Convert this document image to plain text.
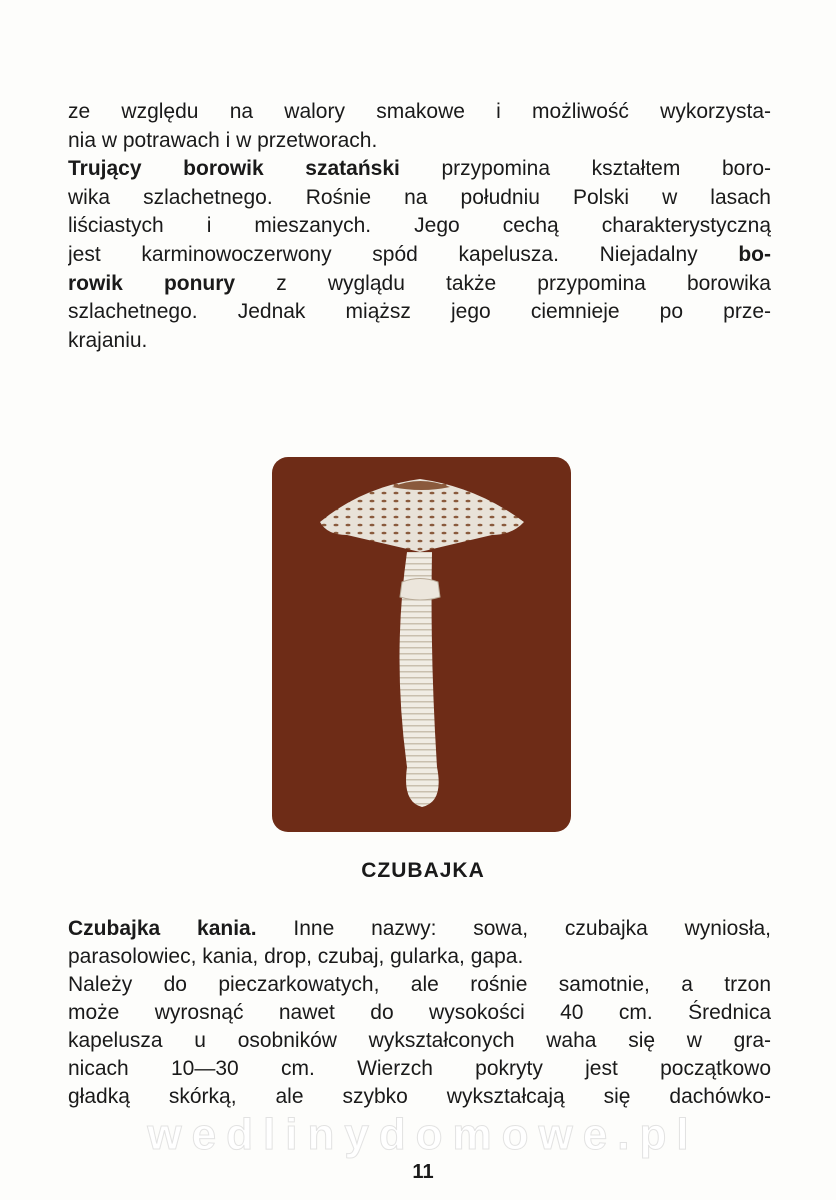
ze względu na walory smakowe i możliwość wykorzysta-
nia w potrawach i w przetworach.
Trujący borowik szatański przypomina kształtem boro-
wika szlachetnego. Rośnie na południu Polski w lasach
liściastych i mieszanych. Jego cechą charakterystyczną
jest karminowoczerwony spód kapelusza. Niejadalny bo-
rowik ponury z wyglądu także przypomina borowika
szlachetnego. Jednak miąższ jego ciemnieje po prze-
krajaniu.
CZUBAJKA
Czubajka kania. Inne nazwy: sowa, czubajka wyniosła,
parasolowiec, kania, drop, czubaj, gularka, gapa.
Należy do pieczarkowatych, ale rośnie samotnie, a trzon
może wyrosnąć nawet do wysokości 40 cm. Średnica
kapelusza u osobników wykształconych waha się w gra-
nicach 10—30 cm. Wierzch pokryty jest początkowo
gładką skórką, ale szybko wykształcają się dachówko-
wedlinydomowe.pl
11
